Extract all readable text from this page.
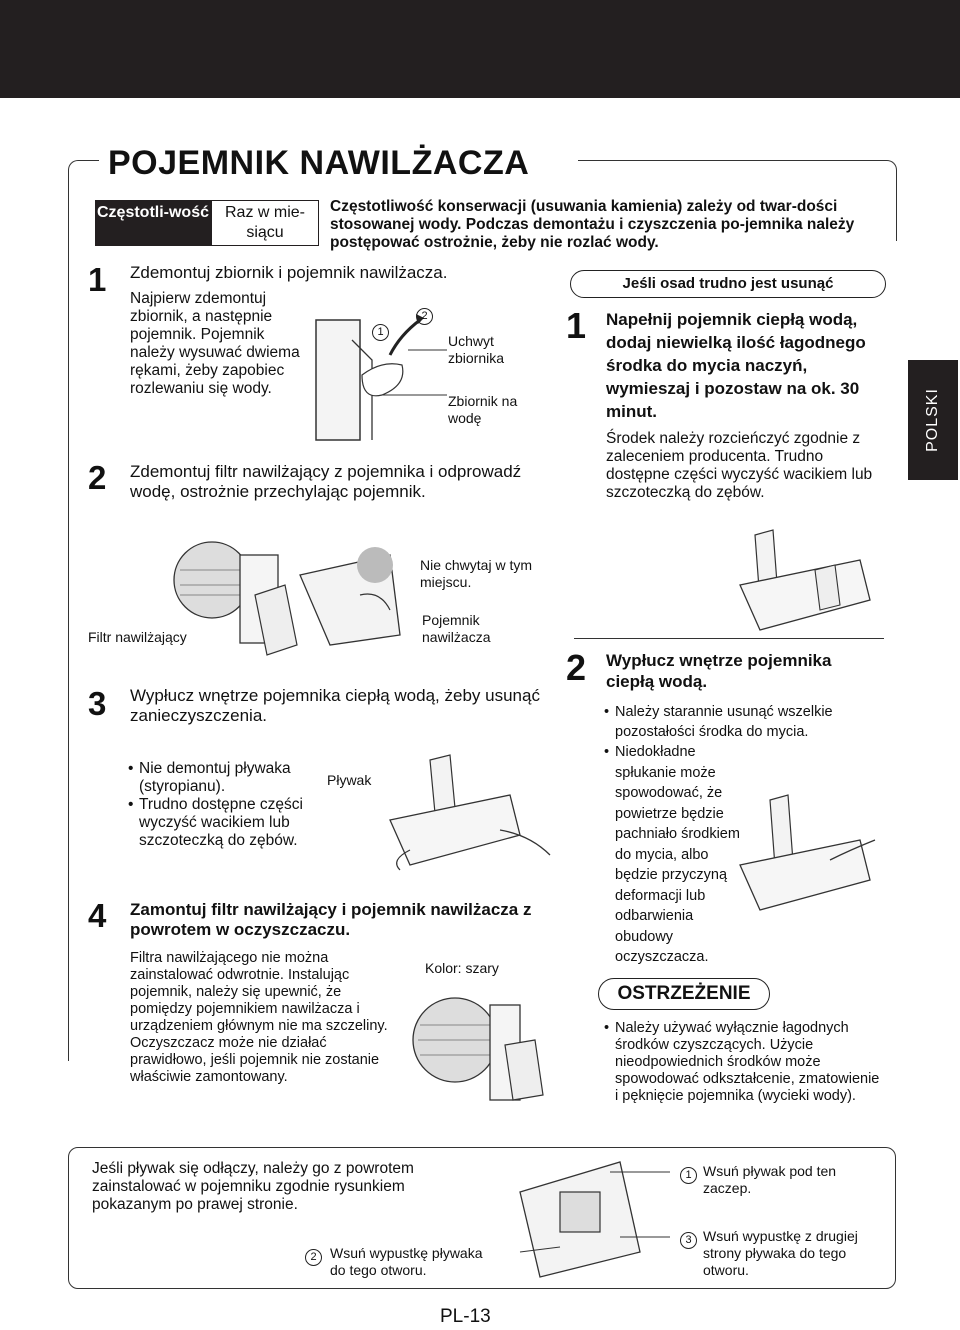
POJEMNIK NAWILŻACZA
Częstotli-wość Raz w mie-siącu
Częstotliwość konserwacji (usuwania kamienia) zależy od twar-dości stosowanej wody. Podczas demontażu i czyszczenia po-jemnika należy postępować ostrożnie, żeby nie rozlać wody.
1 Zdemontuj zbiornik i pojemnik nawilżacza.
Najpierw zdemontuj zbiornik, a następnie pojemnik. Pojemnik należy wysuwać dwiema rękami, żeby zapobiec rozlewaniu się wody.
1
2
Uchwyt zbiornika
Zbiornik na wodę
2 Zdemontuj filtr nawilżający z pojemnika i odprowadź wodę, ostrożnie przechylając pojemnik.
Nie chwytaj w tym miejscu.
Filtr nawilżający
Pojemnik nawilżacza
3 Wypłucz wnętrze pojemnika ciepłą wodą, żeby usunąć zanieczyszczenia.
• Nie demontuj pływaka (styropianu).
• Trudno dostępne części wyczyść wacikiem lub szczoteczką do zębów.
Pływak
4 Zamontuj filtr nawilżający i pojemnik nawilżacza z powrotem w oczyszczaczu.
Filtra nawilżającego nie można zainstalować odwrotnie. Instalując pojemnik, należy się upewnić, że pomiędzy pojemnikiem nawilżacza i urządzeniem głównym nie ma szczeliny. Oczyszczacz może nie działać prawidłowo, jeśli pojemnik nie zostanie właściwie zamontowany.
Kolor: szary
POLSKI
Jeśli osad trudno jest usunąć
1 Napełnij pojemnik ciepłą wodą, dodaj niewielką ilość łagodnego środka do mycia naczyń, wymieszaj i pozostaw na ok. 30 minut.
Środek należy rozcieńczyć zgodnie z zaleceniem producenta. Trudno dostępne części wyczyść wacikiem lub szczoteczką do zębów.
2 Wypłucz wnętrze pojemnika ciepłą wodą.
• Należy starannie usunąć wszelkie pozostałości środka do mycia.
• Niedokładne spłukanie może spowodować, że powietrze będzie pachniało środkiem do mycia, albo będzie przyczyną deformacji lub odbarwienia obudowy oczyszczacza.
OSTRZEŻENIE
• Należy używać wyłącznie łagodnych środków czyszczących. Użycie nieodpowiednich środków może spowodować odkształcenie, zmatowienie i pęknięcie pojemnika (wycieki wody).
Jeśli pływak się odłączy, należy go z powrotem zainstalować w pojemniku zgodnie rysunkiem pokazanym po prawej stronie.
1 Wsuń pływak pod ten zaczep.
3 Wsuń wypustkę z drugiej strony pływaka do tego otworu.
2 Wsuń wypustkę pływaka do tego otworu.
PL-13
